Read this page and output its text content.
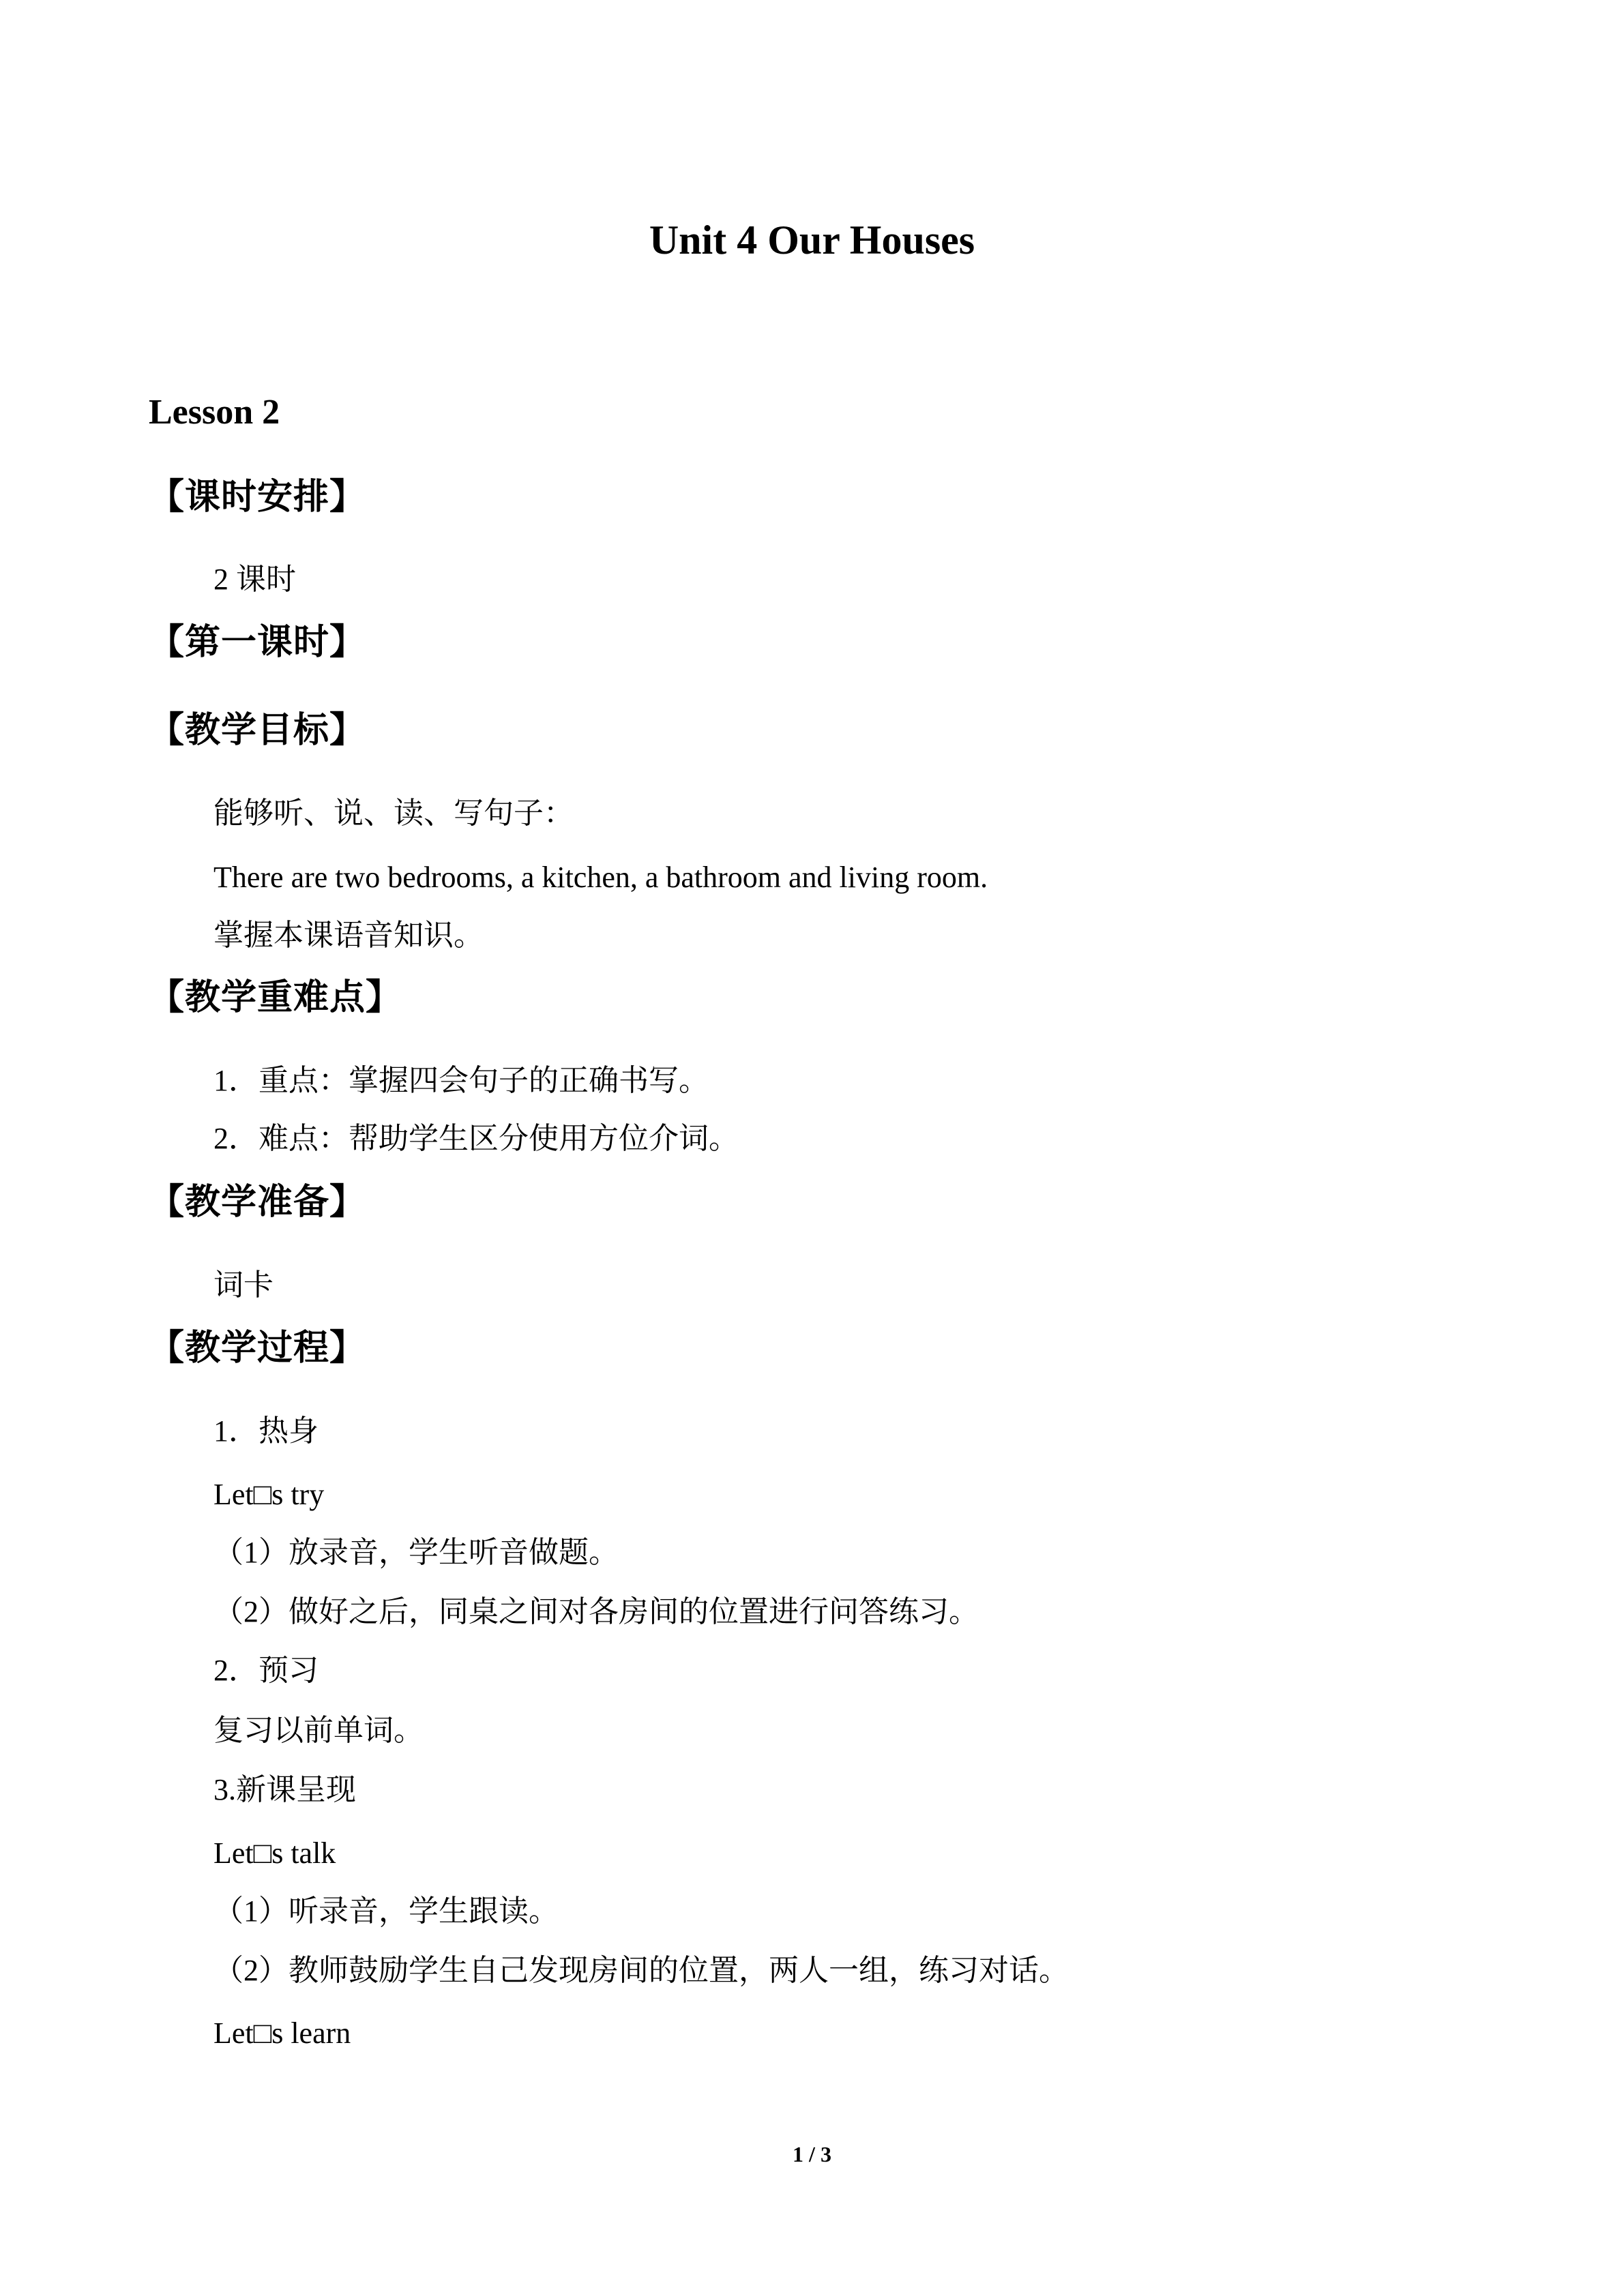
Unit 4 Our Houses
Lesson 2
【课时安排】
2 课时
【第一课时】
【教学目标】
能够听、说、读、写句子：
There are two bedrooms, a kitchen, a bathroom and living room.
掌握本课语音知识。
【教学重难点】
1．重点：掌握四会句子的正确书写。
2．难点：帮助学生区分使用方位介词。
【教学准备】
词卡
【教学过程】
1．热身
Let□s try
（1）放录音，学生听音做题。
（2）做好之后，同桌之间对各房间的位置进行问答练习。
2．预习
复习以前单词。
3.新课呈现
Let□s talk
（1）听录音，学生跟读。
（2）教师鼓励学生自己发现房间的位置，两人一组，练习对话。
Let□s learn
1 / 3
